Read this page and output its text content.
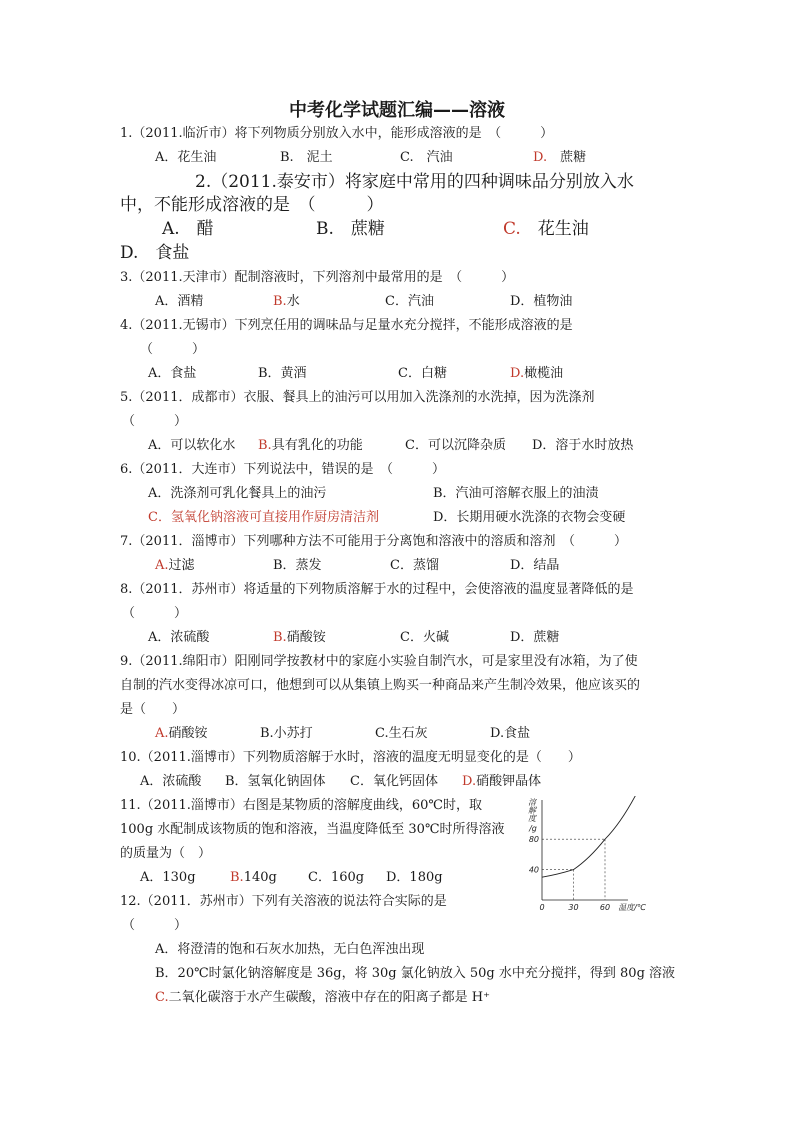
中考化学试题汇编——溶液
1.（2011.临沂市）将下列物质分别放入水中，能形成溶液的是　（　　　）
A．花生油	B.　泥土	C.　汽油	D.　蔗糖
2.（2011.泰安市）将家庭中常用的四种调味品分别放入水
中，不能形成溶液的是　（　　　）
A.　醋	B.　蔗糖	C.　花生油
D.　食盐
3.（2011.天津市）配制溶液时，下列溶剂中最常用的是　（　　　）
A．酒精	B.水	C．汽油	D．植物油
4.（2011.无锡市）下列烹任用的调味品与足量水充分搅拌，不能形成溶液的是
（　　　）
A．食盐	B．黄酒	C．白糖	D.橄榄油
5.（2011．成都市）衣服、餐具上的油污可以用加入洗涤剂的水洗掉，因为洗涤剂
（　　　）
A．可以软化水 B.具有乳化的功能	C．可以沉降杂质 D．溶于水时放热
6.（2011．大连市）下列说法中，错误的是　（　　　）
A．洗涤剂可乳化餐具上的油污	B．汽油可溶解衣服上的油渍
C．氢氧化钠溶液可直接用作厨房清洁剂	D．长期用硬水洗涤的衣物会变硬
7.（2011．淄博市）下列哪种方法不可能用于分离饱和溶液中的溶质和溶剂　（　　　）
A.过滤	B．蒸发	C．蒸馏	D．结晶
8.（2011．苏州市）将适量的下列物质溶解于水的过程中，会使溶液的温度显著降低的是
（　　　）
A．浓硫酸	B.硝酸铵	C．火碱	D．蔗糖
9.（2011.绵阳市）阳刚同学按教材中的家庭小实验自制汽水，可是家里没有冰箱，为了使
自制的汽水变得冰凉可口，他想到可以从集镇上购买一种商品来产生制冷效果，他应该买的
是（　　）
A.硝酸铵	B.小苏打	C.生石灰	D.食盐
10.（2011.淄博市）下列物质溶解于水时，溶液的温度无明显变化的是（　　）
A．浓硫酸 B．氢氧化钠固体 C．氧化钙固体 D.硝酸钾晶体
11.（2011.淄博市）右图是某物质的溶解度曲线，60℃时，取
100g 水配制成该物质的饱和溶液，当温度降低至 30℃时所得溶液
的质量为（　）
A．130g	B.140g C．160g D．180g
溶
解
度
/g
40
80
0	30	60 温度/℃
12.（2011．苏州市）下列有关溶液的说法符合实际的是
（　　　）
A．将澄清的饱和石灰水加热，无白色浑浊出现
B．20℃时氯化钠溶解度是 36g，将 30g 氯化钠放入 50g 水中充分搅拌，得到 80g 溶液
C.二氧化碳溶于水产生碳酸，溶液中存在的阳离子都是 H⁺
